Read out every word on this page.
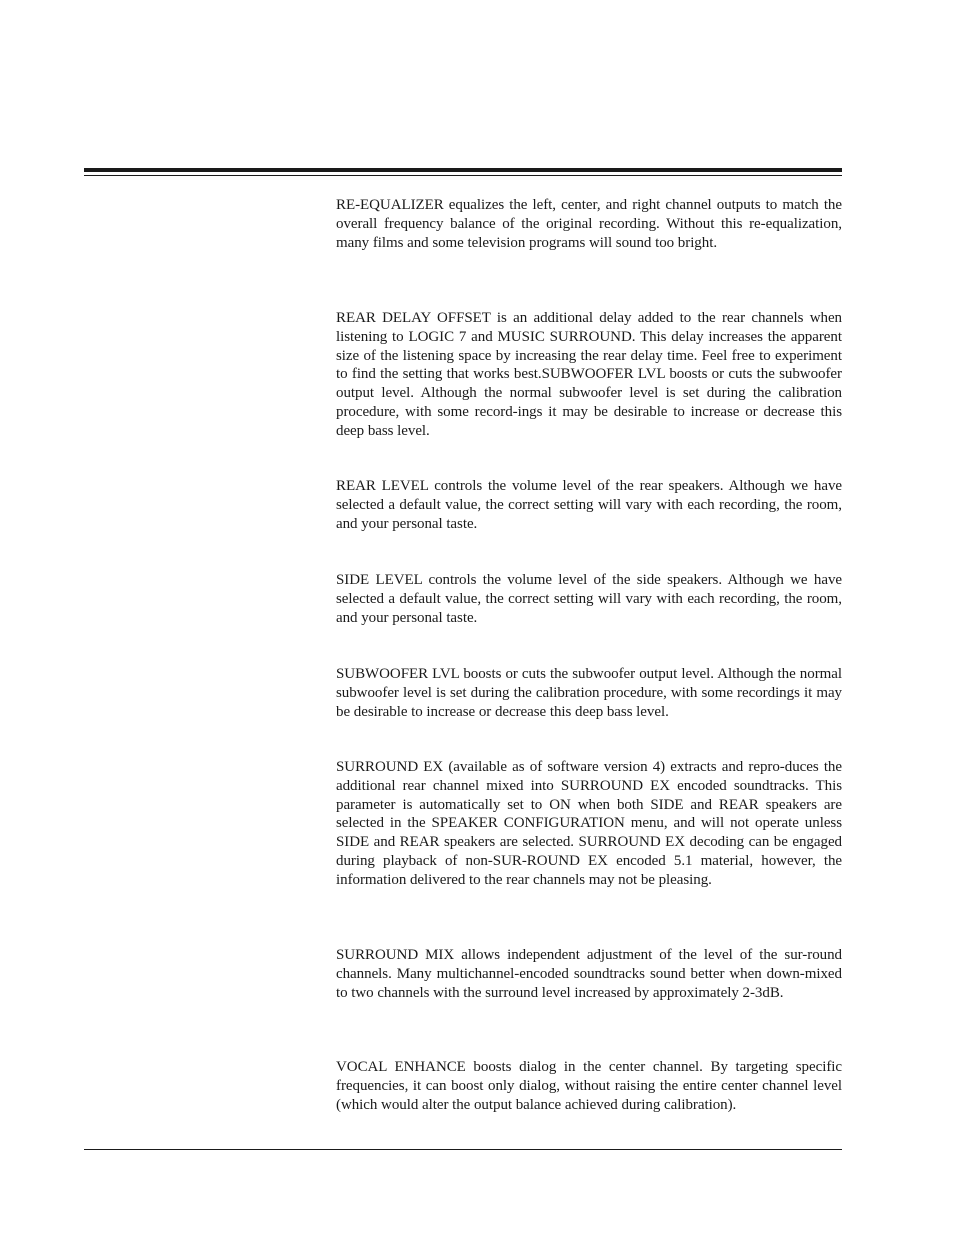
RE-EQUALIZER equalizes the left, center, and right channel outputs to match the overall frequency balance of the original recording. Without this re-equalization, many films and some television programs will sound too bright.

REAR DELAY OFFSET is an additional delay added to the rear channels when listening to LOGIC 7 and MUSIC SURROUND. This delay increases the apparent size of the listening space by increasing the rear delay time. Feel free to experiment to find the setting that works best.SUBWOOFER LVL boosts or cuts the subwoofer output level. Although the normal subwoofer level is set during the calibration procedure, with some record-ings it may be desirable to increase or decrease this deep bass level.

REAR LEVEL controls the volume level of the rear speakers. Although we have selected a default value, the correct setting will vary with each recording, the room, and your personal taste.

SIDE LEVEL controls the volume level of the side speakers. Although we have selected a default value, the correct setting will vary with each recording, the room, and your personal taste.

SUBWOOFER LVL boosts or cuts the subwoofer output level. Although the normal subwoofer level is set during the calibration procedure, with some recordings it may be desirable to increase or decrease this deep bass level.

SURROUND EX (available as of software version 4) extracts and repro-duces the additional rear channel mixed into SURROUND EX encoded soundtracks. This parameter is automatically set to ON when both SIDE and REAR speakers are selected in the SPEAKER CONFIGURATION menu, and will not operate unless SIDE and REAR speakers are selected. SURROUND EX decoding can be engaged during playback of non-SUR-ROUND EX encoded 5.1 material, however, the information delivered to the rear channels may not be pleasing.

SURROUND MIX allows independent adjustment of the level of the sur-round channels. Many multichannel-encoded soundtracks sound better when down-mixed to two channels with the surround level increased by approximately 2-3dB.

VOCAL ENHANCE boosts dialog in the center channel. By targeting specific frequencies, it can boost only dialog, without raising the entire center channel level (which would alter the output balance achieved during calibration).
